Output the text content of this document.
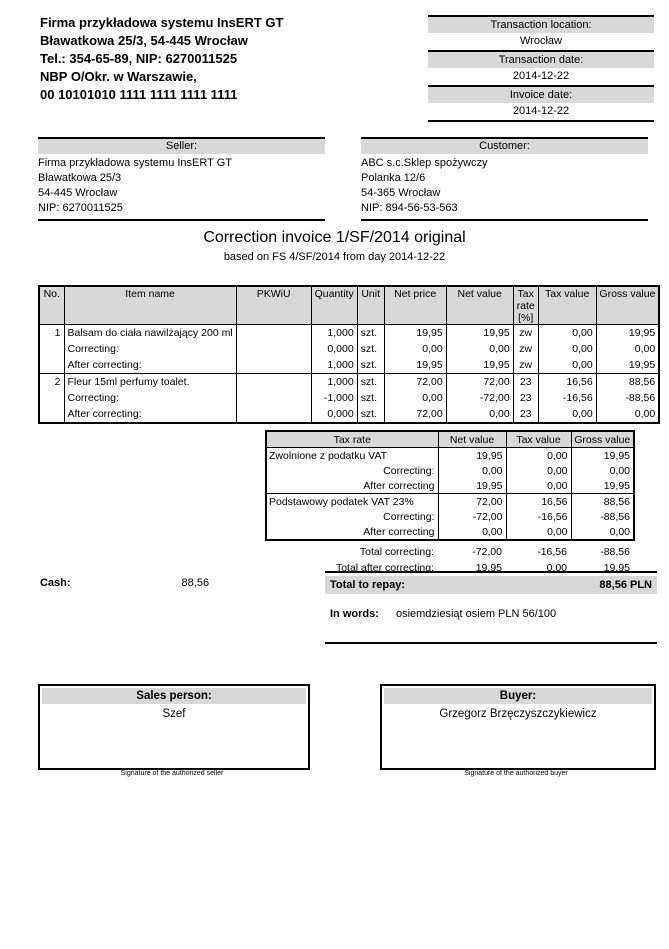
Firma przykładowa systemu InsERT GT
Bławatkowa 25/3, 54-445 Wrocław
Tel.: 354-65-89, NIP: 6270011525
NBP O/Okr. w Warszawie,
00 10101010 1111 1111 1111 1111
Transaction location:
Wrocław
Transaction date:
2014-12-22
Invoice date:
2014-12-22
Seller:
Firma przykładowa systemu InsERT GT
Bławatkowa 25/3
54-445 Wrocław
NIP: 6270011525
Customer:
ABC s.c.Sklep spożywczy
Polanka 12/6
54-365 Wrocław
NIP: 894-56-53-563
Correction invoice 1/SF/2014 original
based on FS 4/SF/2014 from day 2014-12-22
No.	Item name	PKWiU	Quantity	Unit	Net price	Net value	Tax rate [%]	Tax value	Gross value
1	Balsam do ciała nawilżający 200 ml		1,000	szt.	19,95	19,95	zw	0,00	19,95
	Correcting:		0,000	szt.	0,00	0,00	zw	0,00	0,00
	After correcting:		1,000	szt.	19,95	19,95	zw	0,00	19,95
2	Fleur 15ml perfumy toalet.		1,000	szt.	72,00	72,00	23	16,56	88,56
	Correcting:		-1,000	szt.	0,00	-72,00	23	-16,56	-88,56
	After correcting:		0,000	szt.	72,00	0,00	23	0,00	0,00
Tax rate	Net value	Tax value	Gross value
Zwolnione z podatku VAT	19,95	0,00	19,95
Correcting:	0,00	0,00	0,00
After correcting	19,95	0,00	19,95
Podstawowy podatek VAT 23%	72,00	16,56	88,56
Correcting:	-72,00	-16,56	-88,56
After correcting	0,00	0,00	0,00
Total correcting:	-72,00	-16,56	-88,56
Total after correcting:	19,95	0,00	19,95
Cash:	88,56	Total to repay:	88,56 PLN
In words: osiemdziesiąt osiem PLN 56/100
Sales person:
Szef
Signature of the authorized seller
Buyer:
Grzegorz Brzęczyszczykiewicz
Signature of the authorized buyer
